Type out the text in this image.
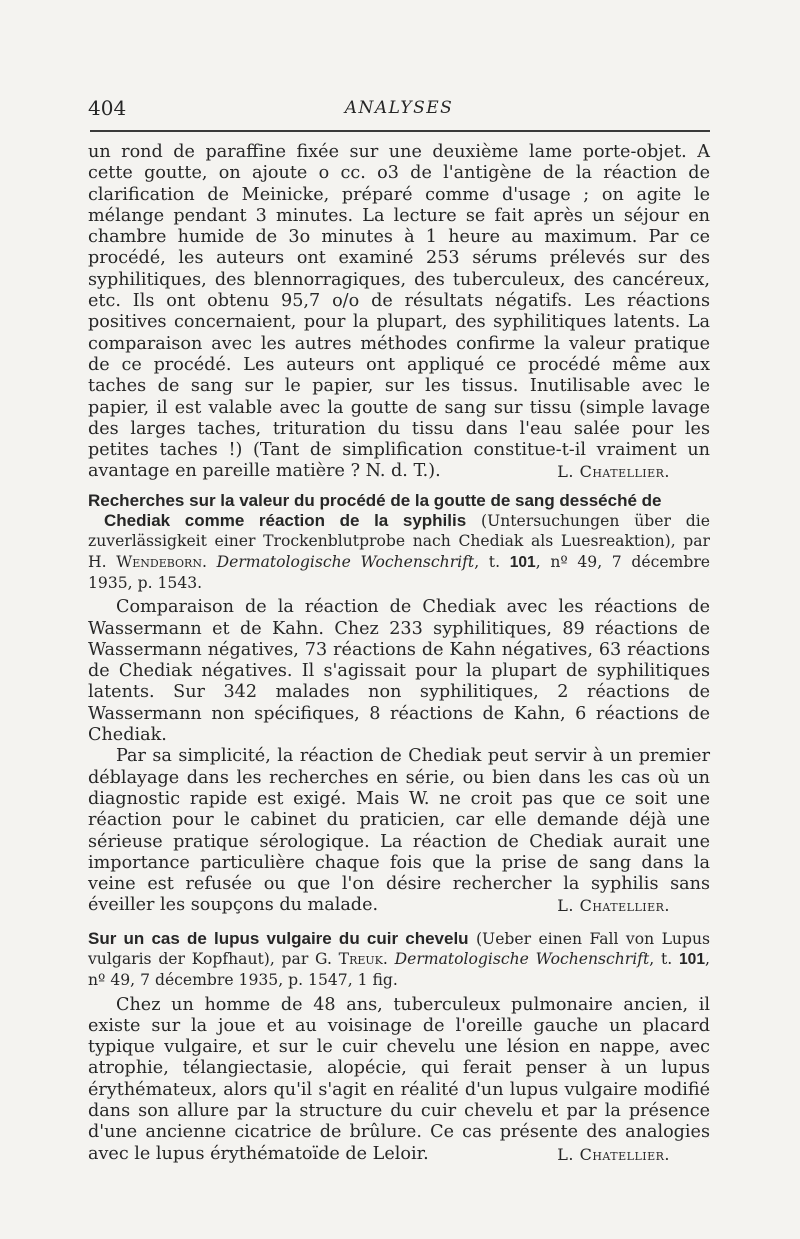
404	ANALYSES

un rond de paraffine fixée sur une deuxième lame porte-objet. A cette goutte, on ajoute o cc. o3 de l'antigène de la réaction de clarification de Meinicke, préparé comme d'usage ; on agite le mélange pendant 3 minutes. La lecture se fait après un séjour en chambre humide de 3o minutes à 1 heure au maximum. Par ce procédé, les auteurs ont examiné 253 sérums prélevés sur des syphilitiques, des blennorragiques, des tuberculeux, des cancéreux, etc. Ils ont obtenu 95,7 o/o de résultats négatifs. Les réactions positives concernaient, pour la plupart, des syphilitiques latents. La comparaison avec les autres méthodes confirme la valeur pratique de ce procédé. Les auteurs ont appliqué ce procédé même aux taches de sang sur le papier, sur les tissus. Inutilisable avec le papier, il est valable avec la goutte de sang sur tissu (simple lavage des larges taches, trituration du tissu dans l'eau salée pour les petites taches !) (Tant de simplification constitue-t-il vraiment un avantage en pareille matière ? N. d. T.).	L. Chatellier.

Recherches sur la valeur du procédé de la goutte de sang desséché de
Chediak comme réaction de la syphilis (Untersuchungen über die zuverlässigkeit einer Trockenblutprobe nach Chediak als Luesreaktion), par H. Wendeborn. Dermatologische Wochenschrift, t. 101, nº 49, 7 décembre 1935, p. 1543.

Comparaison de la réaction de Chediak avec les réactions de Wassermann et de Kahn. Chez 233 syphilitiques, 89 réactions de Wassermann négatives, 73 réactions de Kahn négatives, 63 réactions de Chediak négatives. Il s'agissait pour la plupart de syphilitiques latents. Sur 342 malades non syphilitiques, 2 réactions de Wassermann non spécifiques, 8 réactions de Kahn, 6 réactions de Chediak.

Par sa simplicité, la réaction de Chediak peut servir à un premier déblayage dans les recherches en série, ou bien dans les cas où un diagnostic rapide est exigé. Mais W. ne croit pas que ce soit une réaction pour le cabinet du praticien, car elle demande déjà une sérieuse pratique sérologique. La réaction de Chediak aurait une importance particulière chaque fois que la prise de sang dans la veine est refusée ou que l'on désire rechercher la syphilis sans éveiller les soupçons du malade.	L. Chatellier.

Sur un cas de lupus vulgaire du cuir chevelu (Ueber einen Fall von Lupus vulgaris der Kopfhaut), par G. Treuk. Dermatologische Wochenschrift, t. 101, nº 49, 7 décembre 1935, p. 1547, 1 fig.

Chez un homme de 48 ans, tuberculeux pulmonaire ancien, il existe sur la joue et au voisinage de l'oreille gauche un placard typique vulgaire, et sur le cuir chevelu une lésion en nappe, avec atrophie, télangiectasie, alopécie, qui ferait penser à un lupus érythémateux, alors qu'il s'agit en réalité d'un lupus vulgaire modifié dans son allure par la structure du cuir chevelu et par la présence d'une ancienne cicatrice de brûlure. Ce cas présente des analogies avec le lupus érythématoïde de Leloir.	L. Chatellier.
